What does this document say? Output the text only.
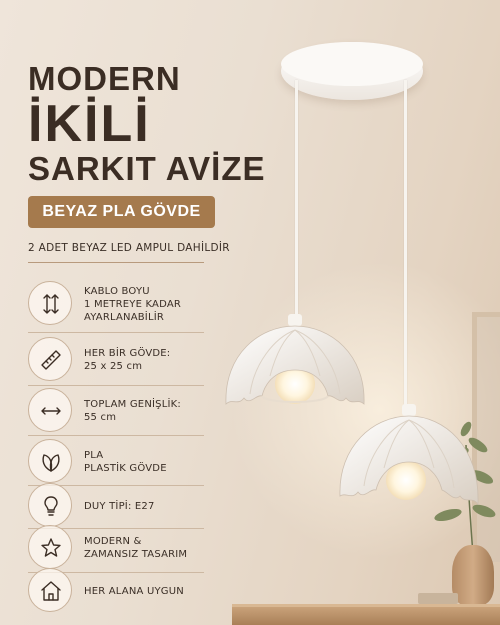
MODERN
İKİLİ
SARKIT AVİZE
BEYAZ PLA GÖVDE
2 ADET BEYAZ LED AMPUL DAHİLDİR
KABLO BOYU
1 METREYE KADAR
AYARLANABİLİR
HER BİR GÖVDE:
25 x 25 cm
TOPLAM GENİŞLİK:
55 cm
PLA
PLASTİK GÖVDE
DUY TİPİ: E27
MODERN &
ZAMANSIZ TASARIM
HER ALANA UYGUN
